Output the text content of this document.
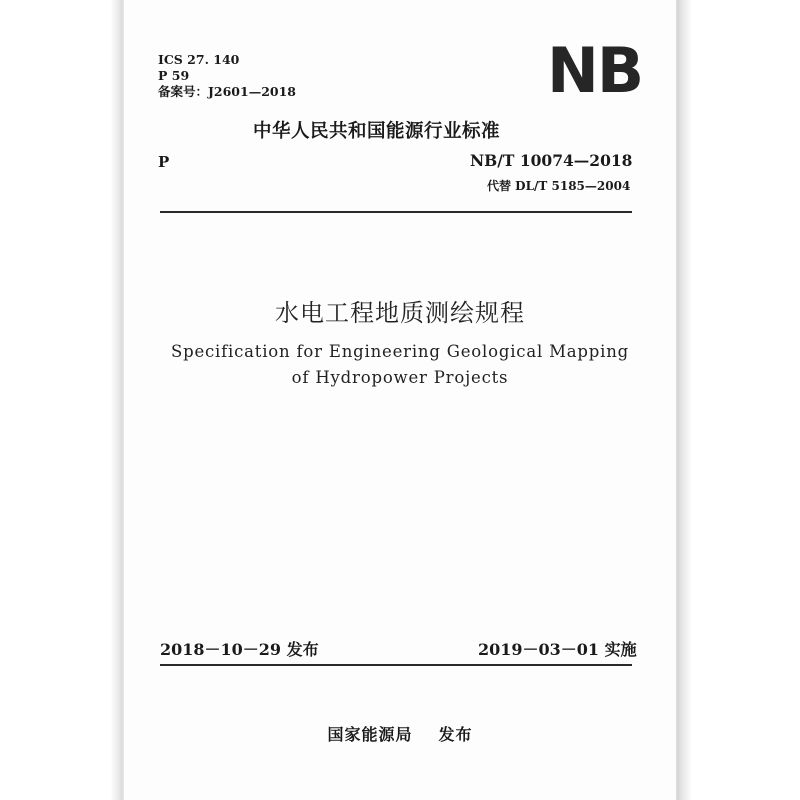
ICS 27. 140
P 59
备案号：J2601—2018	NB
中华人民共和国能源行业标准
P	NB/T 10074—2018
代替 DL/T 5185—2004
水电工程地质测绘规程
Specification for Engineering Geological Mapping
of Hydropower Projects
2018－10－29 发布	2019－03－01 实施
国家能源局 发布
